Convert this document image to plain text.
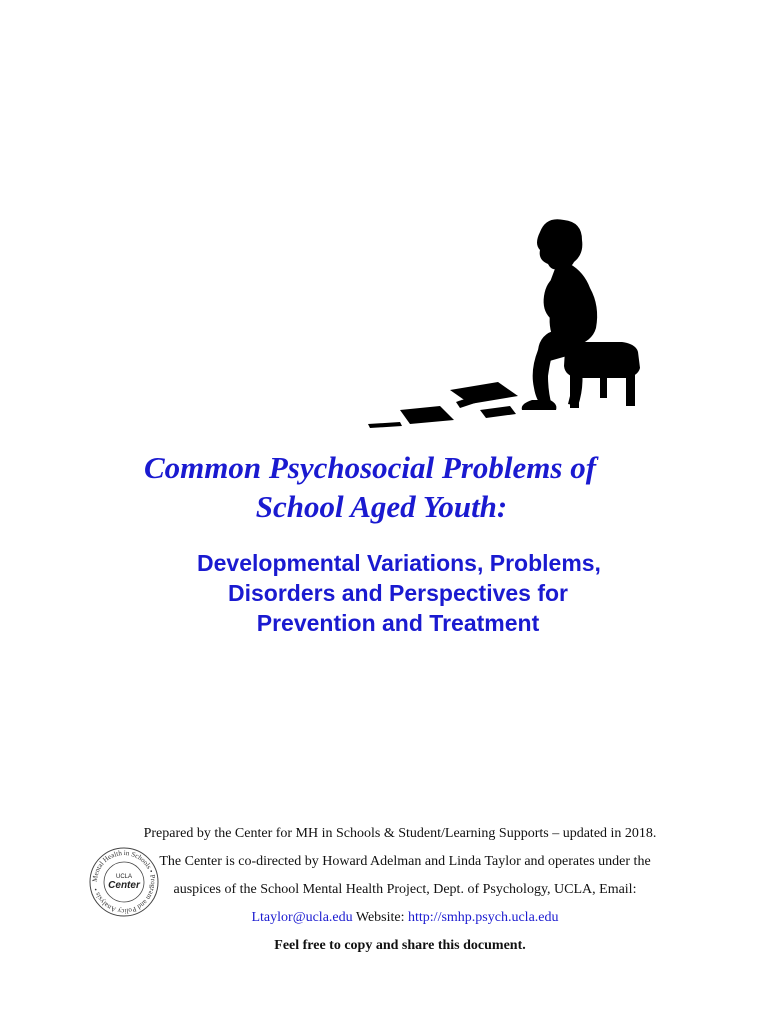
Common Psychosocial Problems of
School Aged Youth:
Developmental Variations, Problems,
Disorders and Perspectives for
Prevention and Treatment
Mental Health in Schools • Program and Policy Analysis •
UCLA
Center
Prepared by the Center for MH in Schools & Student/Learning Supports – updated in 2018.
The Center is co-directed by Howard Adelman and Linda Taylor and operates under the
auspices of the School Mental Health Project, Dept. of Psychology, UCLA, Email:
Ltaylor@ucla.edu Website: http://smhp.psych.ucla.edu
Feel free to copy and share this document.
